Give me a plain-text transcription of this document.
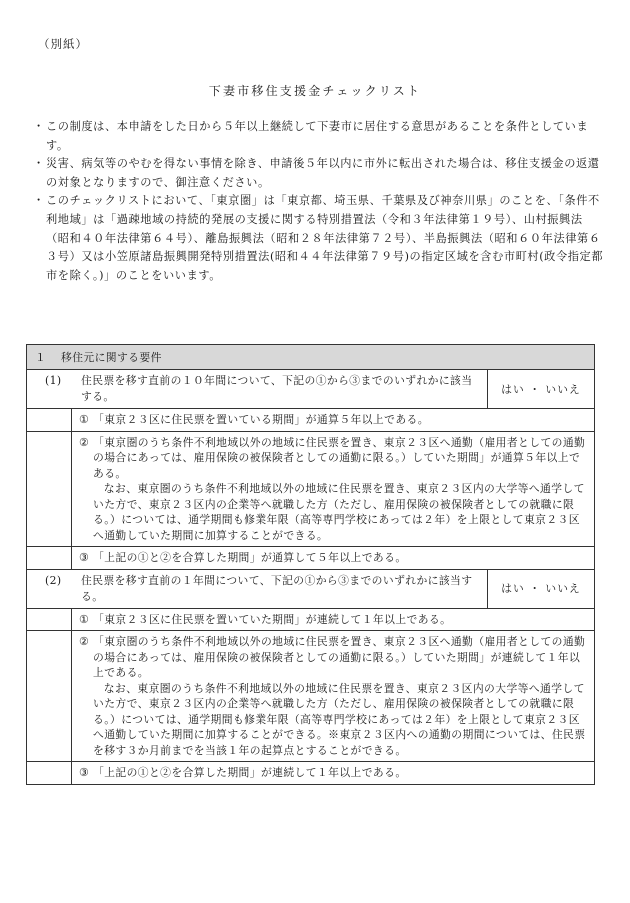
（別紙）
下妻市移住支援金チェックリスト
・ この制度は、本申請をした日から５年以上継続して下妻市に居住する意思があることを条件としています。
・ 災害、病気等のやむを得ない事情を除き、申請後５年以内に市外に転出された場合は、移住支援金の返還の対象となりますので、御注意ください。
・ このチェックリストにおいて、「東京圏」は「東京都、埼玉県、千葉県及び神奈川県」のことを、「条件不利地域」は「過疎地域の持続的発展の支援に関する特別措置法（令和３年法律第１９号）、山村振興法（昭和４０年法律第６４号）、離島振興法（昭和２８年法律第７２号）、半島振興法（昭和６０年法律第６３号）又は小笠原諸島振興開発特別措置法(昭和４４年法律第７９号)の指定区域を含む市町村(政令指定都市を除く。)」のことをいいます。
１	移住元に関する要件
(1)	住民票を移す直前の１０年間について、下記の①から③までのいずれかに該当する。
はい ・ いいえ
① 「東京２３区に住民票を置いている期間」が通算５年以上である。
② 「東京圏のうち条件不利地域以外の地域に住民票を置き、東京２３区へ通勤（雇用者としての通勤の場合にあっては、雇用保険の被保険者としての通勤に限る。）していた期間」が通算５年以上である。
なお、東京圏のうち条件不利地域以外の地域に住民票を置き、東京２３区内の大学等へ通学していた方で、東京２３区内の企業等へ就職した方（ただし、雇用保険の被保険者としての就職に限る。）については、通学期間も修業年限（高等専門学校にあっては２年）を上限として東京２３区へ通勤していた期間に加算することができる。
③ 「上記の①と②を合算した期間」が通算して５年以上である。
(2)	住民票を移す直前の１年間について、下記の①から③までのいずれかに該当する。
はい ・ いいえ
① 「東京２３区に住民票を置いていた期間」が連続して１年以上である。
② 「東京圏のうち条件不利地域以外の地域に住民票を置き、東京２３区へ通勤（雇用者としての通勤の場合にあっては、雇用保険の被保険者としての通勤に限る。）していた期間」が連続して１年以上である。
なお、東京圏のうち条件不利地域以外の地域に住民票を置き、東京２３区内の大学等へ通学していた方で、東京２３区内の企業等へ就職した方（ただし、雇用保険の被保険者としての就職に限る。）については、通学期間も修業年限（高等専門学校にあっては２年）を上限として東京２３区へ通勤していた期間に加算することができる。※東京２３区内への通勤の期間については、住民票を移す３か月前までを当該１年の起算点とすることができる。
③ 「上記の①と②を合算した期間」が連続して１年以上である。
